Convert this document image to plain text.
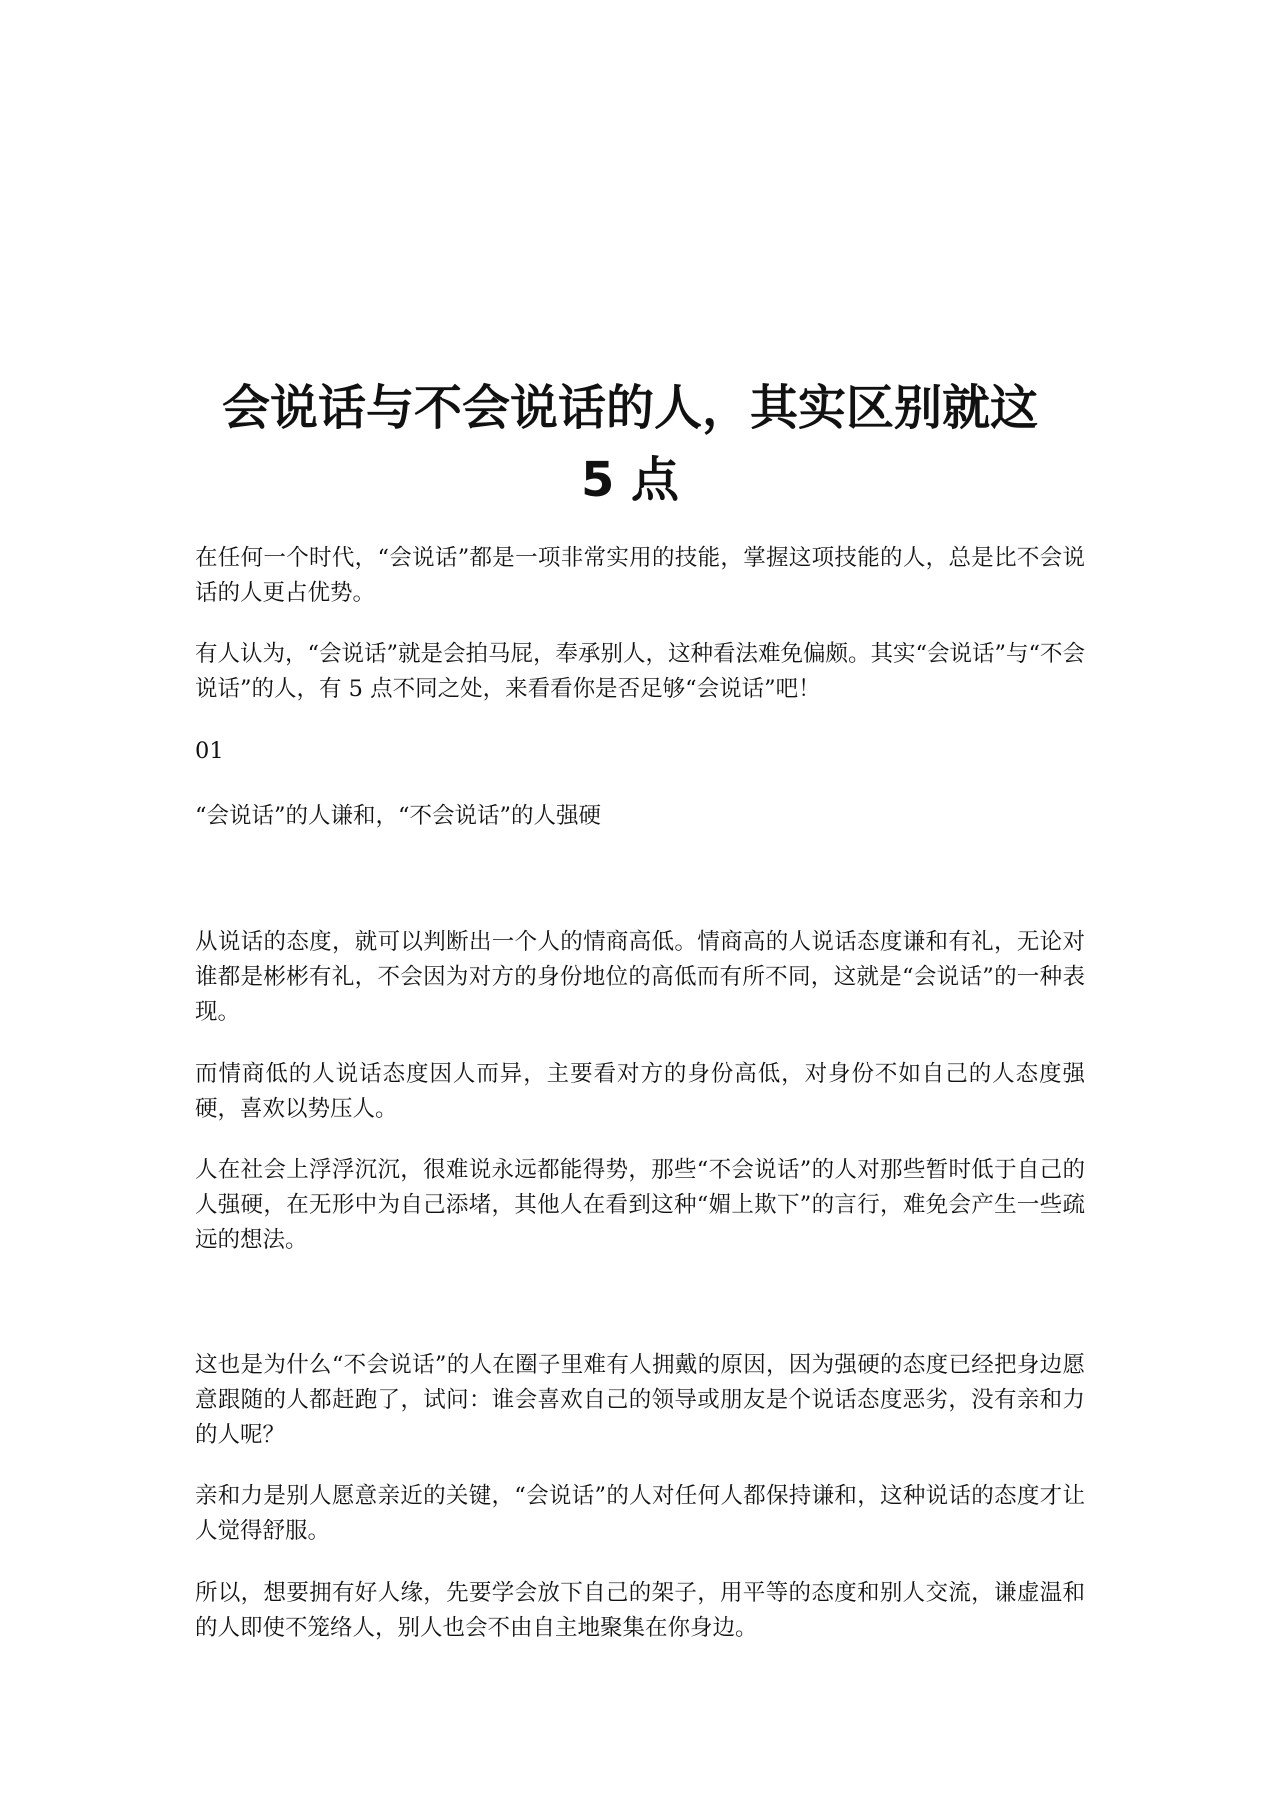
会说话与不会说话的人，其实区别就这
5 点

在任何一个时代，“会说话”都是一项非常实用的技能，掌握这项技能的人，总是比不会说话的人更占优势。

有人认为，“会说话”就是会拍马屁，奉承别人，这种看法难免偏颇。其实“会说话”与“不会说话”的人，有 5 点不同之处，来看看你是否足够“会说话”吧！

01

“会说话”的人谦和，“不会说话”的人强硬

从说话的态度，就可以判断出一个人的情商高低。情商高的人说话态度谦和有礼，无论对谁都是彬彬有礼，不会因为对方的身份地位的高低而有所不同，这就是“会说话”的一种表现。

而情商低的人说话态度因人而异，主要看对方的身份高低，对身份不如自己的人态度强硬，喜欢以势压人。

人在社会上浮浮沉沉，很难说永远都能得势，那些“不会说话”的人对那些暂时低于自己的人强硬，在无形中为自己添堵，其他人在看到这种“媚上欺下”的言行，难免会产生一些疏远的想法。

这也是为什么“不会说话”的人在圈子里难有人拥戴的原因，因为强硬的态度已经把身边愿意跟随的人都赶跑了，试问：谁会喜欢自己的领导或朋友是个说话态度恶劣，没有亲和力的人呢？

亲和力是别人愿意亲近的关键，“会说话”的人对任何人都保持谦和，这种说话的态度才让人觉得舒服。

所以，想要拥有好人缘，先要学会放下自己的架子，用平等的态度和别人交流，谦虚温和的人即使不笼络人，别人也会不由自主地聚集在你身边。
